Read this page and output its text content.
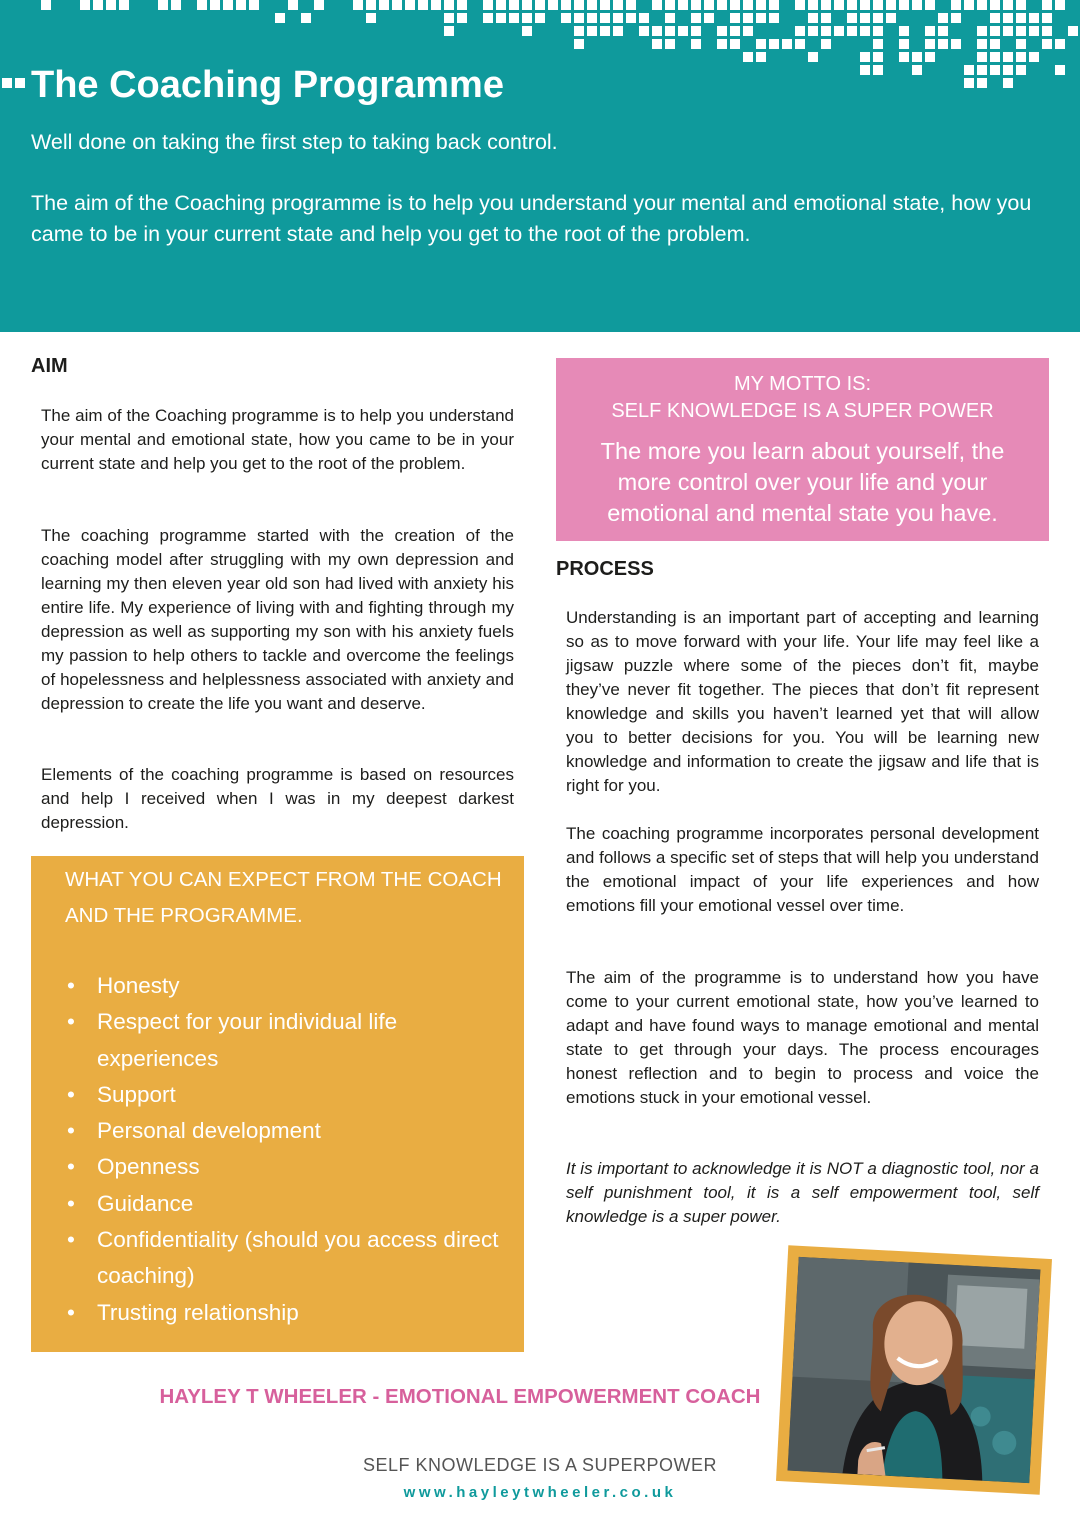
The Coaching Programme

Well done on taking the first step to taking back control.

The aim of the Coaching programme is to help you understand your mental and emotional state, how you came to be in your current state and help you get to the root of the problem.

AIM

The aim of the Coaching programme is to help you understand your mental and emotional state, how you came to be in your current state and help you get to the root of the problem.

The coaching programme started with the creation of the coaching model after struggling with my own depression and learning my then eleven year old son had lived with anxiety his entire life. My experience of living with and fighting through my depression as well as supporting my son with his anxiety fuels my passion to help others to tackle and overcome the feelings of hopelessness and helplessness associated with anxiety and depression to create the life you want and deserve.

Elements of the coaching programme is based on resources and help I received when I was in my deepest darkest depression.

MY MOTTO IS:
SELF KNOWLEDGE IS A SUPER POWER
The more you learn about yourself, the more control over your life and your emotional and mental state you have.
PROCESS

Understanding is an important part of accepting and learning so as to move forward with your life. Your life may feel like a jigsaw puzzle where some of the pieces don’t fit, maybe they’ve never fit together. The pieces that don’t fit represent knowledge and skills you haven’t learned yet that will allow you to better decisions for you. You will be learning new knowledge and information to create the jigsaw and life that is right for you.

The coaching programme incorporates personal development and follows a specific set of steps that will help you understand the emotional impact of your life experiences and how emotions fill your emotional vessel over time.

The aim of the programme is to understand how you have come to your current emotional state, how you’ve learned to adapt and have found ways to manage emotional and mental state to get through your days. The process encourages honest reflection and to begin to process and voice the emotions stuck in your emotional vessel.

It is important to acknowledge it is NOT a diagnostic tool, nor a self punishment tool, it is a self empowerment tool, self knowledge is a super power.

WHAT YOU CAN EXPECT FROM THE COACH AND THE PROGRAMME.
• Honesty
• Respect for your individual life experiences
• Support
• Personal development
• Openness
• Guidance
• Confidentiality (should you access direct coaching)
• Trusting relationship
HAYLEY T WHEELER - EMOTIONAL EMPOWERMENT COACH
SELF KNOWLEDGE IS A SUPERPOWER
www.hayleytwheeler.co.uk
